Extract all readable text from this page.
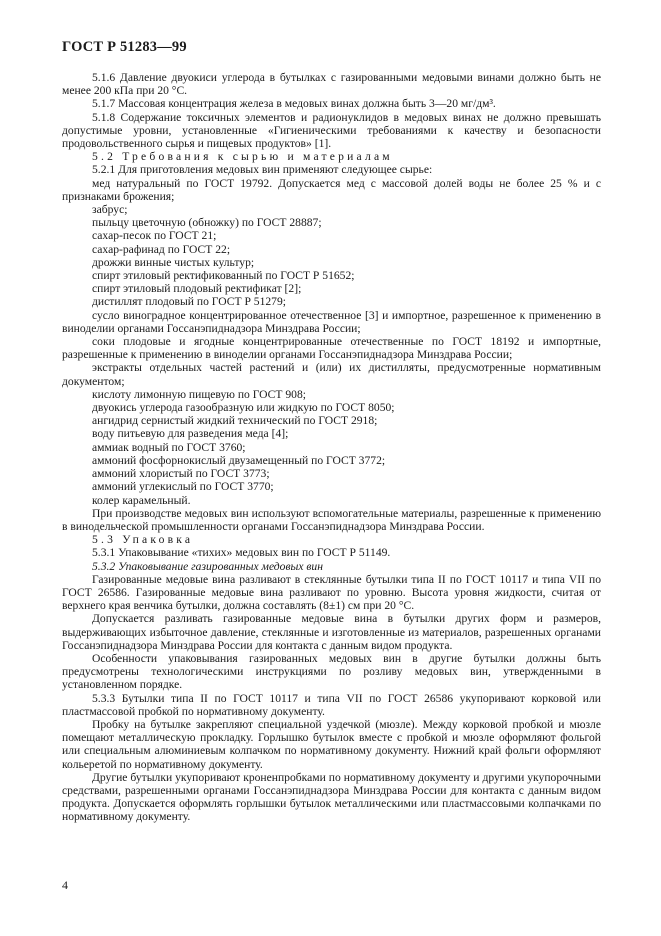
ГОСТ Р 51283—99

5.1.6 Давление двуокиси углерода в бутылках с газированными медовыми винами должно быть не менее 200 кПа при 20 °С.

5.1.7 Массовая концентрация железа в медовых винах должна быть 3—20 мг/дм³.

5.1.8 Содержание токсичных элементов и радионуклидов в медовых винах не должно превышать допустимые уровни, установленные «Гигиеническими требованиями к качеству и безопасности продовольственного сырья и пищевых продуктов» [1].

5.2 Требования к сырью и материалам

5.2.1 Для приготовления медовых вин применяют следующее сырье:

мед натуральный по ГОСТ 19792. Допускается мед с массовой долей воды не более 25 % и с признаками брожения;

забрус;

пыльцу цветочную (обножку) по ГОСТ 28887;

сахар-песок по ГОСТ 21;

сахар-рафинад по ГОСТ 22;

дрожжи винные чистых культур;

спирт этиловый ректификованный по ГОСТ Р 51652;

спирт этиловый плодовый ректификат [2];

дистиллят плодовый по ГОСТ Р 51279;

сусло виноградное концентрированное отечественное [3] и импортное, разрешенное к применению в виноделии органами Госсанэпиднадзора Минздрава России;

соки плодовые и ягодные концентрированные отечественные по ГОСТ 18192 и импортные, разрешенные к применению в виноделии органами Госсанэпиднадзора Минздрава России;

экстракты отдельных частей растений и (или) их дистилляты, предусмотренные нормативным документом;

кислоту лимонную пищевую по ГОСТ 908;

двуокись углерода газообразную или жидкую по ГОСТ 8050;

ангидрид сернистый жидкий технический по ГОСТ 2918;

воду питьевую для разведения меда [4];

аммиак водный по ГОСТ 3760;

аммоний фосфорнокислый двузамещенный по ГОСТ 3772;

аммоний хлористый по ГОСТ 3773;

аммоний углекислый по ГОСТ 3770;

колер карамельный.

При производстве медовых вин используют вспомогательные материалы, разрешенные к применению в винодельческой промышленности органами Госсанэпиднадзора Минздрава России.

5.3 Упаковка

5.3.1 Упаковывание «тихих» медовых вин по ГОСТ Р 51149.

5.3.2 Упаковывание газированных медовых вин

Газированные медовые вина разливают в стеклянные бутылки типа II по ГОСТ 10117 и типа VII по ГОСТ 26586. Газированные медовые вина разливают по уровню. Высота уровня жидкости, считая от верхнего края венчика бутылки, должна составлять (8±1) см при 20 °С.

Допускается разливать газированные медовые вина в бутылки других форм и размеров, выдерживающих избыточное давление, стеклянные и изготовленные из материалов, разрешенных органами Госсанэпиднадзора Минздрава России для контакта с данным видом продукта.

Особенности упаковывания газированных медовых вин в другие бутылки должны быть предусмотрены технологическими инструкциями по розливу медовых вин, утвержденными в установленном порядке.

5.3.3 Бутылки типа II по ГОСТ 10117 и типа VII по ГОСТ 26586 укупоривают корковой или пластмассовой пробкой по нормативному документу.

Пробку на бутылке закрепляют специальной уздечкой (мюзле). Между корковой пробкой и мюзле помещают металлическую прокладку. Горлышко бутылок вместе с пробкой и мюзле оформляют фольгой или специальным алюминиевым колпачком по нормативному документу. Нижний край фольги оформляют кольеретой по нормативному документу.

Другие бутылки укупоривают кроненпробками по нормативному документу и другими укупорочными средствами, разрешенными органами Госсанэпиднадзора Минздрава России для контакта с данным видом продукта. Допускается оформлять горлышки бутылок металлическими или пластмассовыми колпачками по нормативному документу.

4
